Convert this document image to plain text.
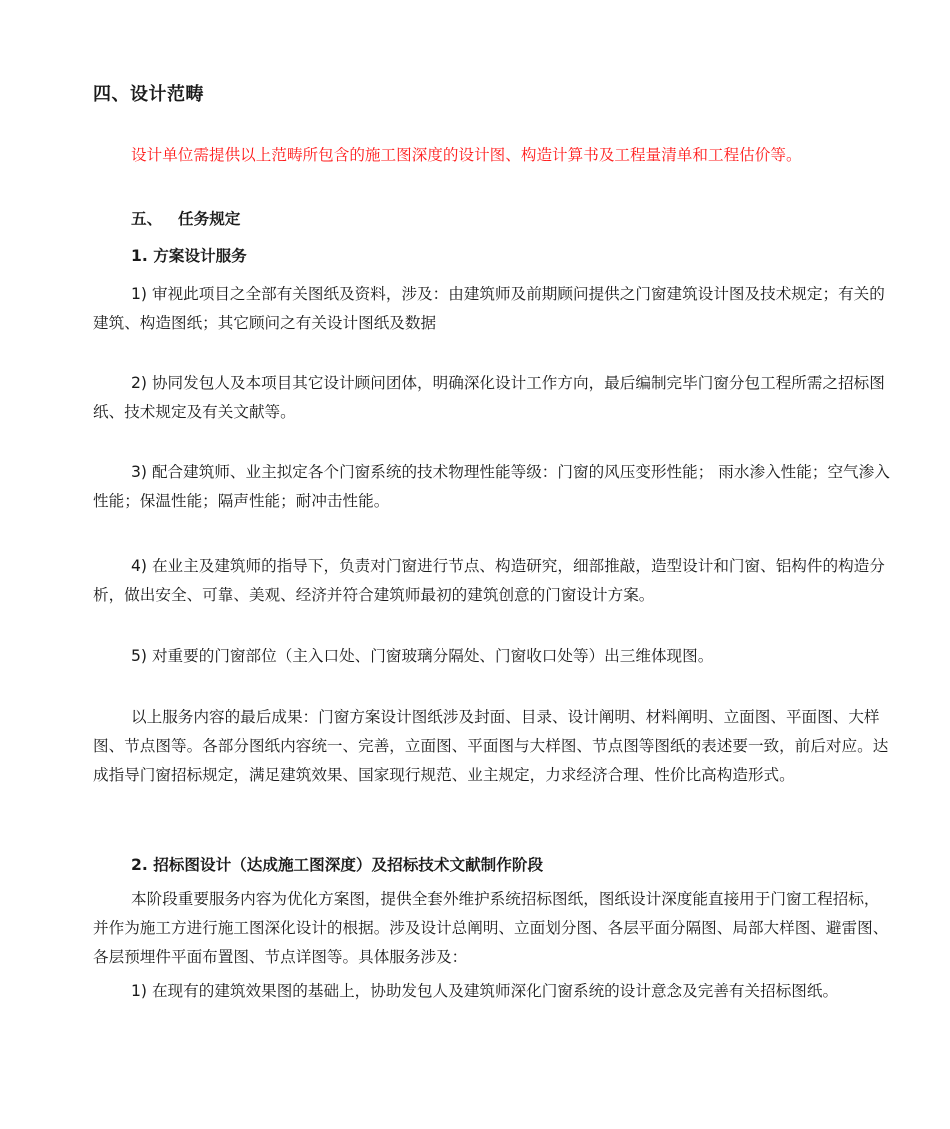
四、设计范畴
设计单位需提供以上范畴所包含的施工图深度的设计图、构造计算书及工程量清单和工程估价等。
五、 任务规定
1. 方案设计服务
1) 审视此项目之全部有关图纸及资料，涉及：由建筑师及前期顾问提供之门窗建筑设计图及技术规定；有关的建筑、构造图纸；其它顾问之有关设计图纸及数据
2) 协同发包人及本项目其它设计顾问团体，明确深化设计工作方向，最后编制完毕门窗分包工程所需之招标图纸、技术规定及有关文献等。
3) 配合建筑师、业主拟定各个门窗系统的技术物理性能等级：门窗的风压变形性能； 雨水渗入性能；空气渗入性能；保温性能；隔声性能；耐冲击性能。
4) 在业主及建筑师的指导下，负责对门窗进行节点、构造研究，细部推敲，造型设计和门窗、铝构件的构造分析，做出安全、可靠、美观、经济并符合建筑师最初的建筑创意的门窗设计方案。
5) 对重要的门窗部位（主入口处、门窗玻璃分隔处、门窗收口处等）出三维体现图。
以上服务内容的最后成果：门窗方案设计图纸涉及封面、目录、设计阐明、材料阐明、立面图、平面图、大样图、节点图等。各部分图纸内容统一、完善，立面图、平面图与大样图、节点图等图纸的表述要一致，前后对应。达成指导门窗招标规定，满足建筑效果、国家现行规范、业主规定，力求经济合理、性价比高构造形式。
2. 招标图设计（达成施工图深度）及招标技术文献制作阶段
本阶段重要服务内容为优化方案图，提供全套外维护系统招标图纸，图纸设计深度能直接用于门窗工程招标，并作为施工方进行施工图深化设计的根据。涉及设计总阐明、立面划分图、各层平面分隔图、局部大样图、避雷图、各层预埋件平面布置图、节点详图等。具体服务涉及：
1) 在现有的建筑效果图的基础上，协助发包人及建筑师深化门窗系统的设计意念及完善有关招标图纸。
